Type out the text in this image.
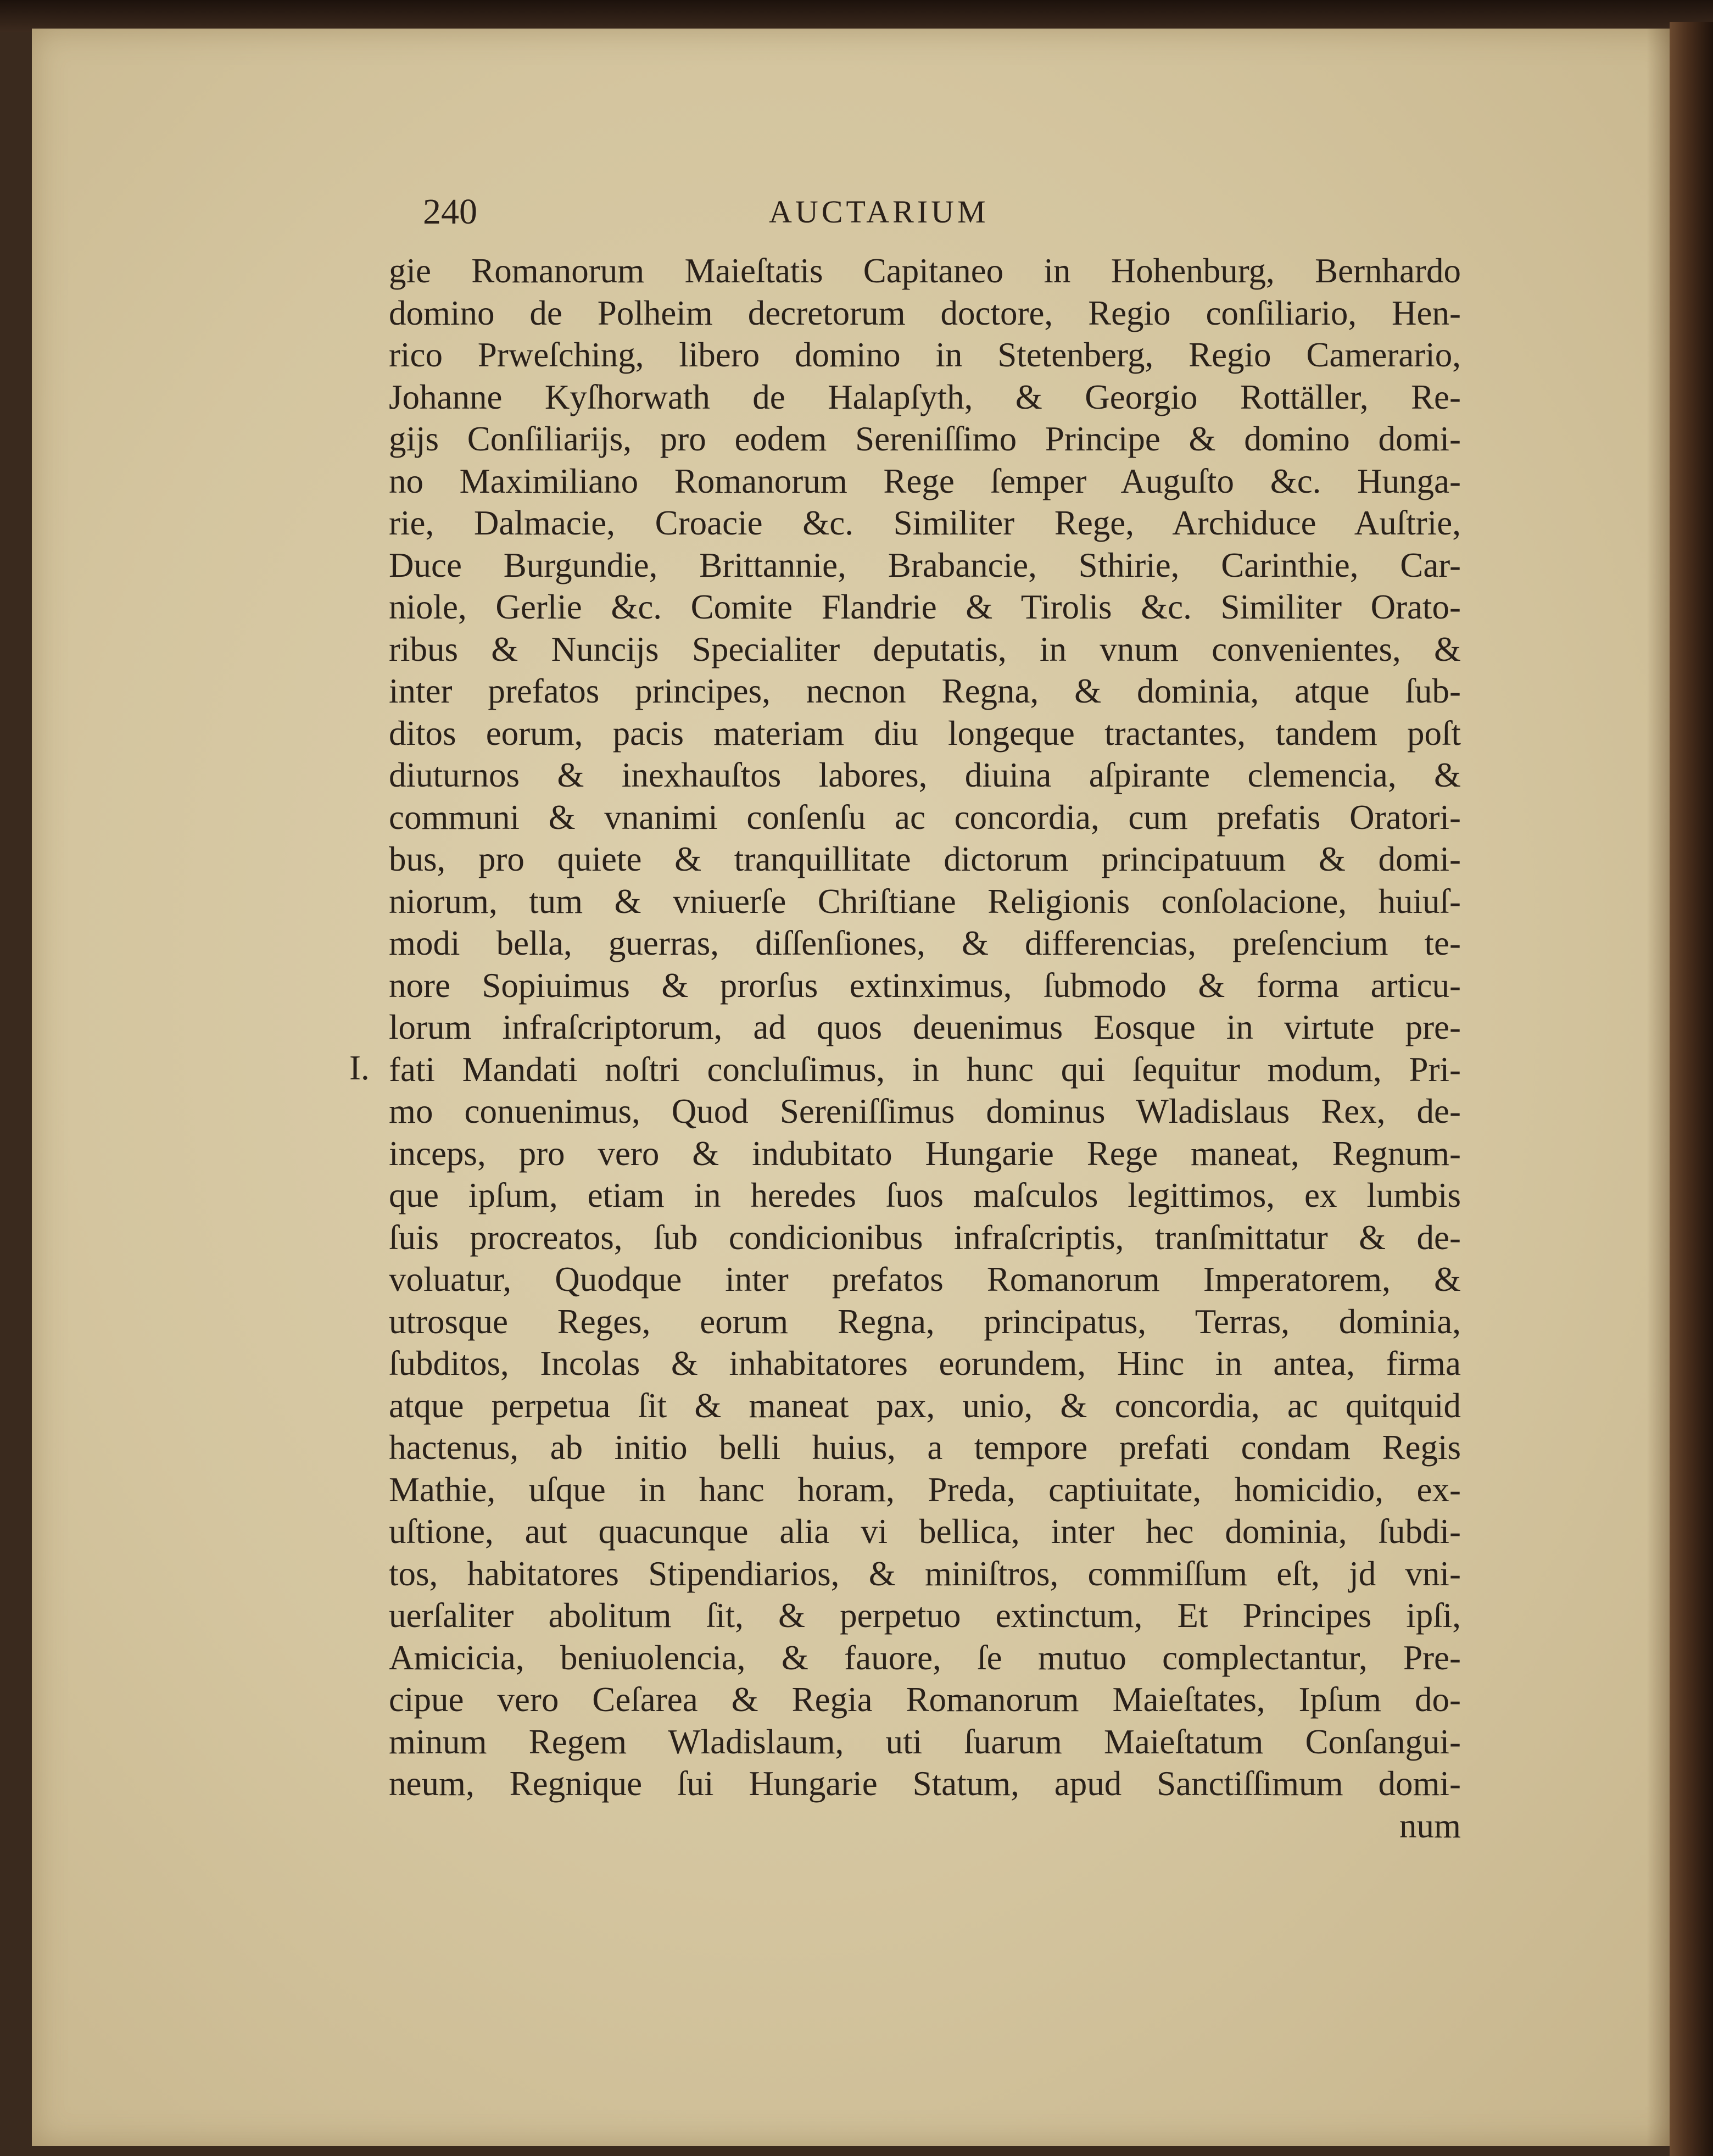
240	AUCTARIUM
I.
gie Romanorum Maieſtatis Capitaneo in Hohenburg, Bernhardo
domino de Polheim decretorum doctore, Regio conſiliario, Hen-
rico Prweſching, libero domino in Stetenberg, Regio Camerario,
Johanne Kyſhorwath de Halapſyth, & Georgio Rottäller, Re-
gijs Conſiliarijs, pro eodem Sereniſſimo Principe & domino domi-
no Maximiliano Romanorum Rege ſemper Auguſto &c. Hunga-
rie, Dalmacie, Croacie &c. Similiter Rege, Archiduce Auſtrie,
Duce Burgundie, Brittannie, Brabancie, Sthirie, Carinthie, Car-
niole, Gerlie &c. Comite Flandrie & Tirolis &c. Similiter Orato-
ribus & Nuncijs Specialiter deputatis, in vnum convenientes, &
inter prefatos principes, necnon Regna, & dominia, atque ſub-
ditos eorum, pacis materiam diu longeque tractantes, tandem poſt
diuturnos & inexhauſtos labores, diuina aſpirante clemencia, &
communi & vnanimi conſenſu ac concordia, cum prefatis Oratori-
bus, pro quiete & tranquillitate dictorum principatuum & domi-
niorum, tum & vniuerſe Chriſtiane Religionis conſolacione, huiuſ-
modi bella, guerras, diſſenſiones, & differencias, preſencium te-
nore Sopiuimus & prorſus extinximus, ſubmodo & forma articu-
lorum infraſcriptorum, ad quos deuenimus Eosque in virtute pre-
fati Mandati noſtri concluſimus, in hunc qui ſequitur modum, Pri-
mo conuenimus, Quod Sereniſſimus dominus Wladislaus Rex, de-
inceps, pro vero & indubitato Hungarie Rege maneat, Regnum-
que ipſum, etiam in heredes ſuos maſculos legittimos, ex lumbis
ſuis procreatos, ſub condicionibus infraſcriptis, tranſmittatur & de-
voluatur, Quodque inter prefatos Romanorum Imperatorem, &
utrosque Reges, eorum Regna, principatus, Terras, dominia,
ſubditos, Incolas & inhabitatores eorundem, Hinc in antea, firma
atque perpetua ſit & maneat pax, unio, & concordia, ac quitquid
hactenus, ab initio belli huius, a tempore prefati condam Regis
Mathie, uſque in hanc horam, Preda, captiuitate, homicidio, ex-
uſtione, aut quacunque alia vi bellica, inter hec dominia, ſubdi-
tos, habitatores Stipendiarios, & miniſtros, commiſſum eſt, jd vni-
uerſaliter abolitum ſit, & perpetuo extinctum, Et Principes ipſi,
Amicicia, beniuolencia, & fauore, ſe mutuo complectantur, Pre-
cipue vero Ceſarea & Regia Romanorum Maieſtates, Ipſum do-
minum Regem Wladislaum, uti ſuarum Maieſtatum Conſangui-
neum, Regnique ſui Hungarie Statum, apud Sanctiſſimum domi-
num
